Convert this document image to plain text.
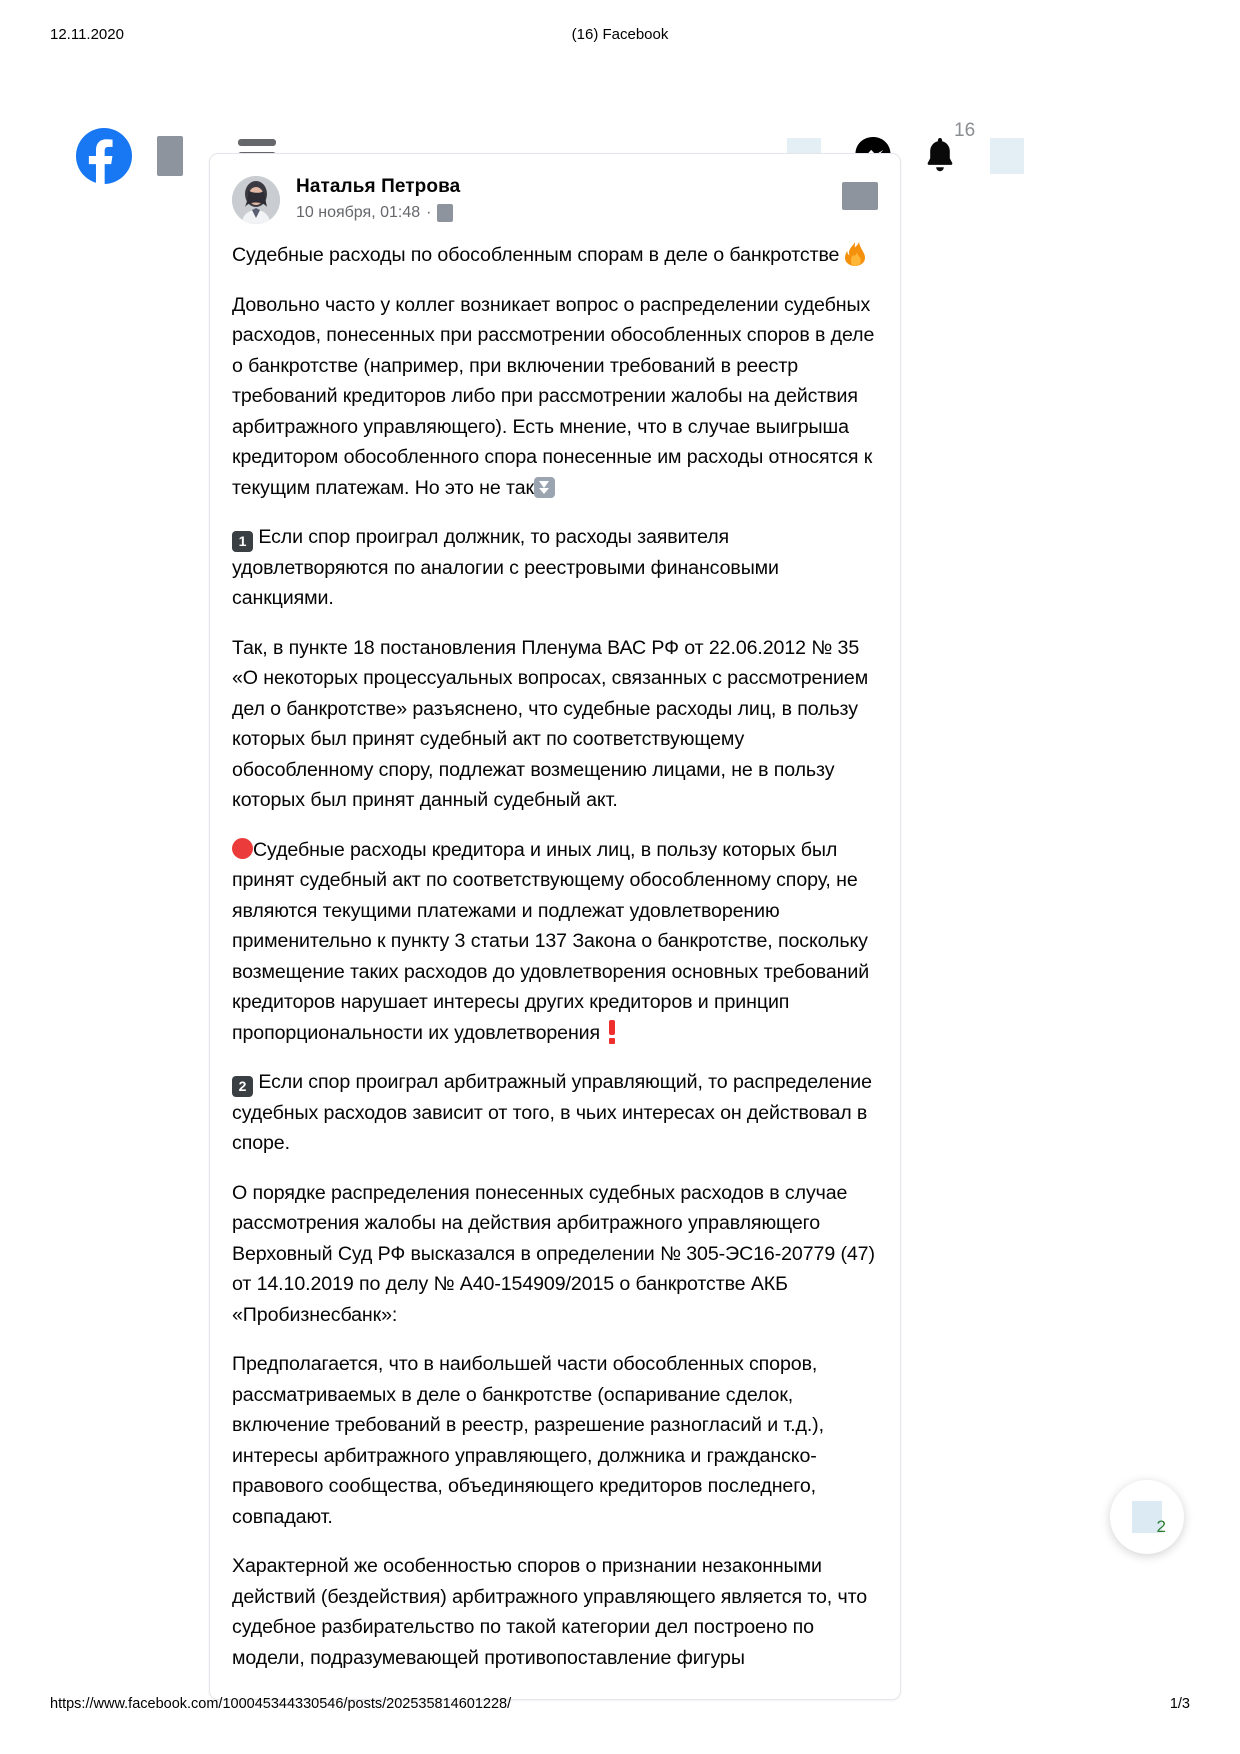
12.11.2020	(16) Facebook
16
Наталья Петрова
10 ноября, 01:48 ·

Судебные расходы по обособленным спорам в деле о банкротстве

Довольно часто у коллег возникает вопрос о распределении судебных расходов, понесенных при рассмотрении обособленных споров в деле о банкротстве (например, при включении требований в реестр требований кредиторов либо при рассмотрении жалобы на действия арбитражного управляющего). Есть мнение, что в случае выигрыша кредитором обособленного спора понесенные им расходы относятся к текущим платежам. Но это не так

1 Если спор проиграл должник, то расходы заявителя удовлетворяются по аналогии с реестровыми финансовыми санкциями.

Так, в пункте 18 постановления Пленума ВАС РФ от 22.06.2012 № 35 «О некоторых процессуальных вопросах, связанных с рассмотрением дел о банкротстве» разъяснено, что судебные расходы лиц, в пользу которых был принят судебный акт по соответствующему обособленному спору, подлежат возмещению лицами, не в пользу которых был принят данный судебный акт.

Судебные расходы кредитора и иных лиц, в пользу которых был принят судебный акт по соответствующему обособленному спору, не являются текущими платежами и подлежат удовлетворению применительно к пункту 3 статьи 137 Закона о банкротстве, поскольку возмещение таких расходов до удовлетворения основных требований кредиторов нарушает интересы других кредиторов и принцип пропорциональности их удовлетворения

2 Если спор проиграл арбитражный управляющий, то распределение судебных расходов зависит от того, в чьих интересах он действовал в споре.

О порядке распределения понесенных судебных расходов в случае рассмотрения жалобы на действия арбитражного управляющего Верховный Суд РФ высказался в определении № 305-ЭС16-20779 (47) от 14.10.2019 по делу № А40-154909/2015 о банкротстве АКБ «Пробизнесбанк»:

Предполагается, что в наибольшей части обособленных споров, рассматриваемых в деле о банкротстве (оспаривание сделок, включение требований в реестр, разрешение разногласий и т.д.), интересы арбитражного управляющего, должника и гражданско-правового сообщества, объединяющего кредиторов последнего, совпадают.

Характерной же особенностью споров о признании незаконными действий (бездействия) арбитражного управляющего является то, что судебное разбирательство по такой категории дел построено по модели, подразумевающей противопоставление фигуры

2
https://www.facebook.com/100045344330546/posts/202535814601228/	1/3
